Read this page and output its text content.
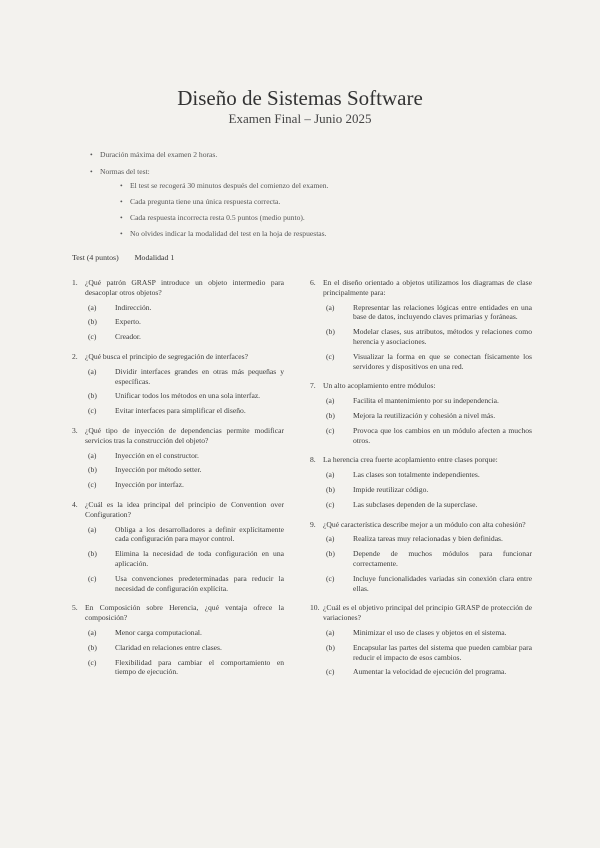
Diseño de Sistemas Software
Examen Final – Junio 2025
• Duración máxima del examen 2 horas.
• Normas del test:
• El test se recogerá 30 minutos después del comienzo del examen.
• Cada pregunta tiene una única respuesta correcta.
• Cada respuesta incorrecta resta 0.5 puntos (medio punto).
• No olvides indicar la modalidad del test en la hoja de respuestas.
Test (4 puntos) Modalidad 1
1. ¿Qué patrón GRASP introduce un objeto intermedio para desacoplar otros objetos?
(a)	Indirección.
(b)	Experto.
(c)	Creador.
2. ¿Qué busca el principio de segregación de interfaces?
(a)	Dividir interfaces grandes en otras más pequeñas y específicas.
(b)	Unificar todos los métodos en una sola interfaz.
(c)	Evitar interfaces para simplificar el diseño.
3. ¿Qué tipo de inyección de dependencias permite modificar servicios tras la construcción del objeto?
(a)	Inyección en el constructor.
(b)	Inyección por método setter.
(c)	Inyección por interfaz.
4. ¿Cuál es la idea principal del principio de Convention over Configuration?
(a)	Obliga a los desarrolladores a definir explícitamente cada configuración para mayor control.
(b)	Elimina la necesidad de toda configuración en una aplicación.
(c)	Usa convenciones predeterminadas para reducir la necesidad de configuración explícita.
5. En Composición sobre Herencia, ¿qué ventaja ofrece la composición?
(a)	Menor carga computacional.
(b)	Claridad en relaciones entre clases.
(c)	Flexibilidad para cambiar el comportamiento en tiempo de ejecución.
6. En el diseño orientado a objetos utilizamos los diagramas de clase principalmente para:
(a)	Representar las relaciones lógicas entre entidades en una base de datos, incluyendo claves primarias y foráneas.
(b)	Modelar clases, sus atributos, métodos y relaciones como herencia y asociaciones.
(c)	Visualizar la forma en que se conectan físicamente los servidores y dispositivos en una red.
7. Un alto acoplamiento entre módulos:
(a)	Facilita el mantenimiento por su independencia.
(b)	Mejora la reutilización y cohesión a nivel más.
(c)	Provoca que los cambios en un módulo afecten a muchos otros.
8. La herencia crea fuerte acoplamiento entre clases porque:
(a)	Las clases son totalmente independientes.
(b)	Impide reutilizar código.
(c)	Las subclases dependen de la superclase.
9. ¿Qué característica describe mejor a un módulo con alta cohesión?
(a)	Realiza tareas muy relacionadas y bien definidas.
(b)	Depende de muchos módulos para funcionar correctamente.
(c)	Incluye funcionalidades variadas sin conexión clara entre ellas.
10. ¿Cuál es el objetivo principal del principio GRASP de protección de variaciones?
(a)	Minimizar el uso de clases y objetos en el sistema.
(b)	Encapsular las partes del sistema que pueden cambiar para reducir el impacto de esos cambios.
(c)	Aumentar la velocidad de ejecución del programa.
